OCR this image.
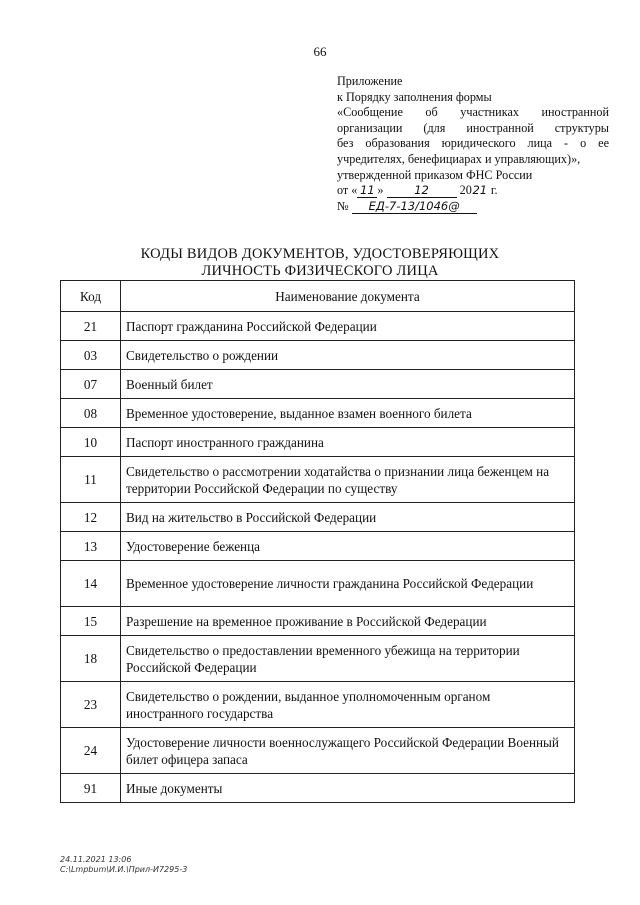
66
Приложение
к Порядку заполнения формы
«Сообщение об участниках иностранной
организации (для иностранной структуры
без образования юридического лица - о ее
учредителях, бенефициарах и управляющих)»,
утвержденной приказом ФНС России
от « 11 »	12	2021 г.
№ ЕД-7-13/1046@
КОДЫ ВИДОВ ДОКУМЕНТОВ, УДОСТОВЕРЯЮЩИХ
ЛИЧНОСТЬ ФИЗИЧЕСКОГО ЛИЦА
Код	Наименование документа
21	Паспорт гражданина Российской Федерации
03	Свидетельство о рождении
07	Военный билет
08	Временное удостоверение, выданное взамен военного билета
10	Паспорт иностранного гражданина
11	Свидетельство о рассмотрении ходатайства о признании лица беженцем на территории Российской Федерации по существу
12	Вид на жительство в Российской Федерации
13	Удостоверение беженца
14	Временное удостоверение личности гражданина Российской Федерации
15	Разрешение на временное проживание в Российской Федерации
18	Свидетельство о предоставлении временного убежища на территории Российской Федерации
23	Свидетельство о рождении, выданное уполномоченным органом иностранного государства
24	Удостоверение личности военнослужащего Российской Федерации Военный билет офицера запаса
91	Иные документы
24.11.2021 13:06
С:\Lmpbum\И.И.\Прил-И7295-3
